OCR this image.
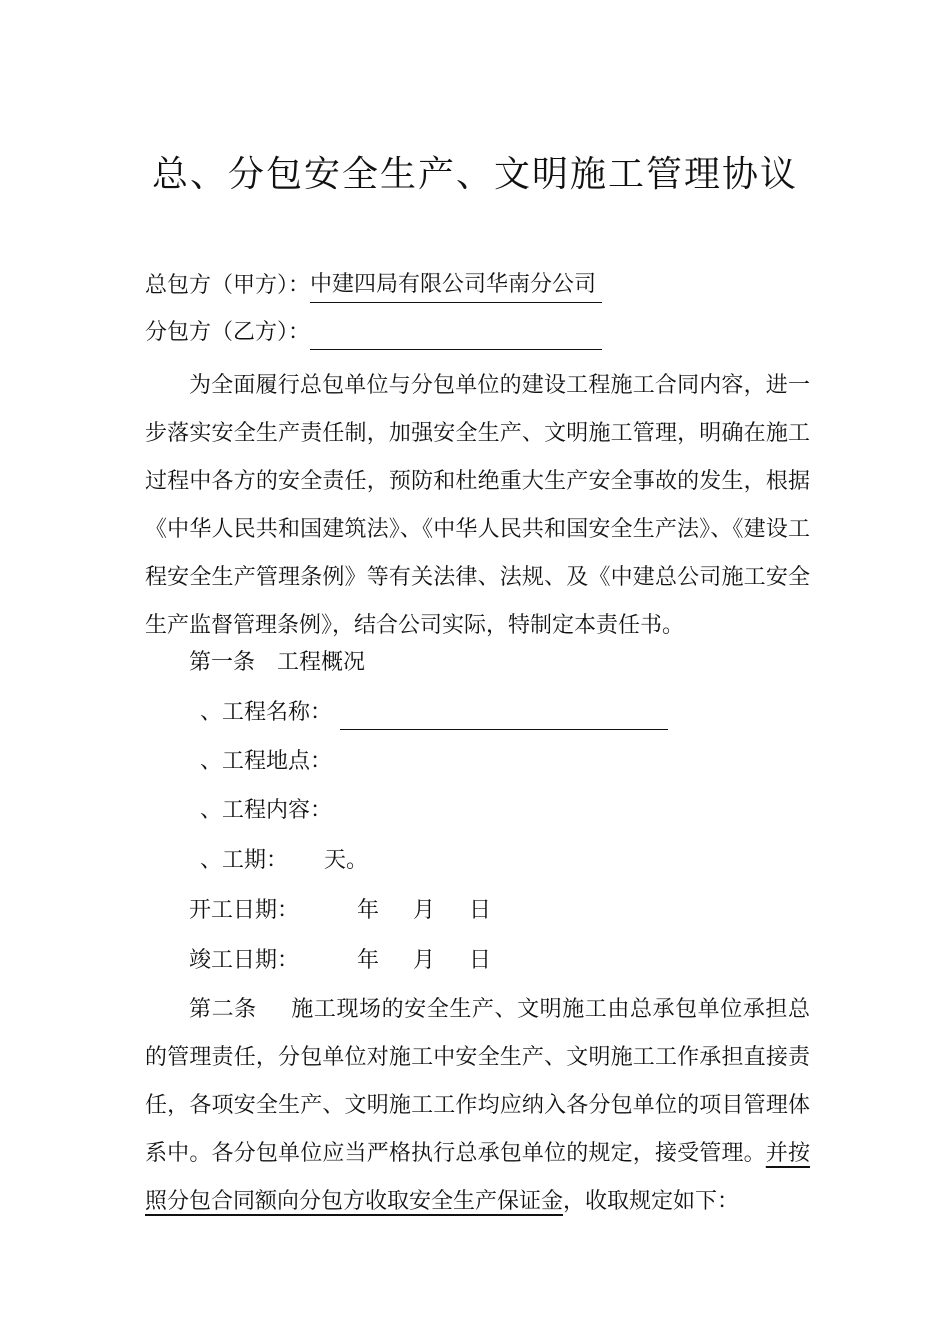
总、分包安全生产、文明施工管理协议
总包方（甲方）：中建四局有限公司华南分公司
分包方（乙方）：
为全面履行总包单位与分包单位的建设工程施工合同内容，进一步落实安全生产责任制，加强安全生产、文明施工管理，明确在施工过程中各方的安全责任，预防和杜绝重大生产安全事故的发生，根据《中华人民共和国建筑法》、《中华人民共和国安全生产法》、《建设工程安全生产管理条例》等有关法律、法规、及《中建总公司施工安全生产监督管理条例》，结合公司实际，特制定本责任书。
第一条　工程概况
、工程名称：
、工程地点：
、工程内容：
、工期： 天。
开工日期：	年 月 日
竣工日期：	年 月 日
第二条 施工现场的安全生产、文明施工由总承包单位承担总的管理责任，分包单位对施工中安全生产、文明施工工作承担直接责任，各项安全生产、文明施工工作均应纳入各分包单位的项目管理体系中。各分包单位应当严格执行总承包单位的规定，接受管理。并按照分包合同额向分包方收取安全生产保证金，收取规定如下：
